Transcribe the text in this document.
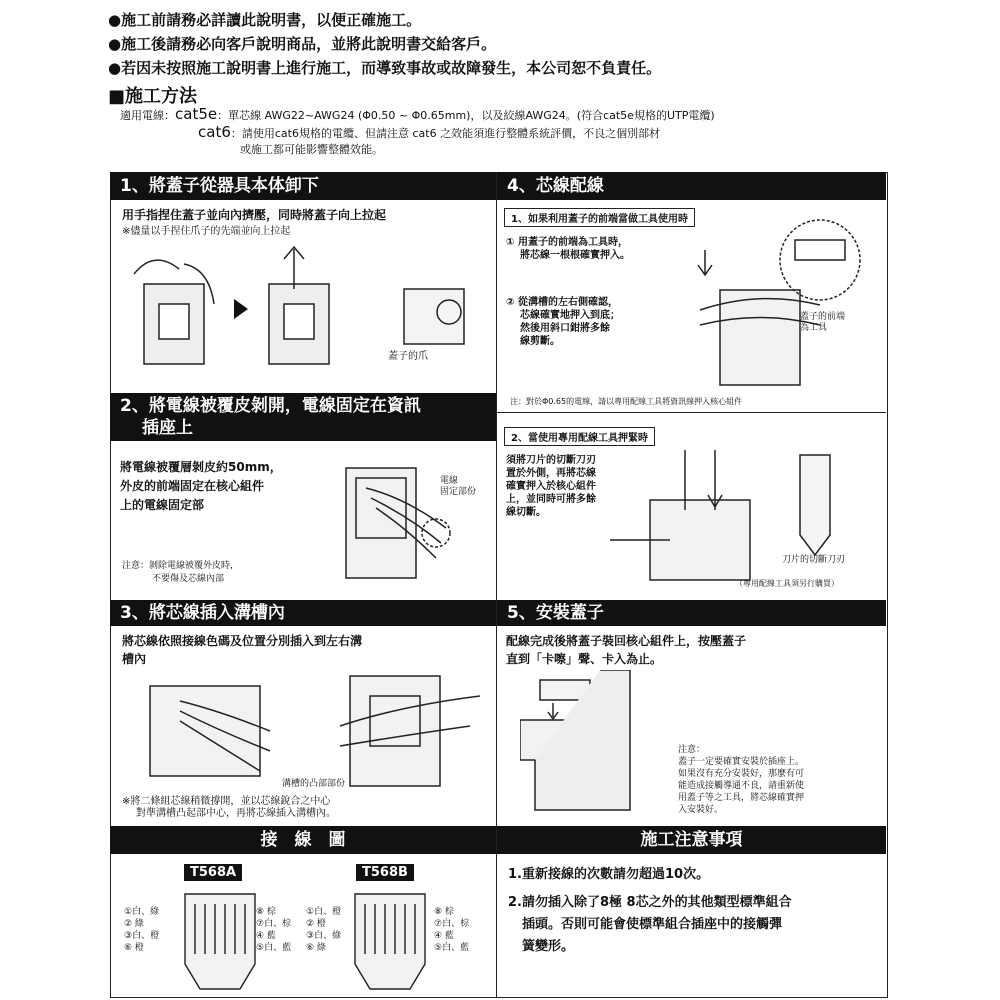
●施工前請務必詳讀此說明書，以便正確施工。
●施工後請務必向客戶說明商品，並將此說明書交給客戶。
●若因未按照施工說明書上進行施工，而導致事故或故障發生，本公司恕不負責任。
■施工方法
適用電線：cat5e：單芯線 AWG22~AWG24 (Φ0.50 ~ Φ0.65mm)，以及絞線AWG24。(符合cat5e規格的UTP電纜)
cat6：請使用cat6規格的電纜、但請注意 cat6 之效能須進行整體系統評價，不良之個別部材
或施工都可能影響整體效能。
1、將蓋子從器具本体卸下
用手指捏住蓋子並向內擠壓，同時將蓋子向上拉起
※儘量以手捏住爪子的先端並向上拉起
蓋子的爪
2、將電線被覆皮剝開，電線固定在資訊
插座上
將電線被覆層剝皮約50mm，
外皮的前端固定在核心組件
上的電線固定部
電線
固定部份
注意：剝除電線被覆外皮時，
不要傷及芯線內部
3、將芯線插入溝槽內
將芯線依照接線色碼及位置分別插入到左右溝
槽內
溝槽的凸部部份
※將二條組芯線稍微撐開，並以芯線銳合之中心
對準溝槽凸起部中心，再將芯線插入溝槽內。
4、芯線配線
1、如果利用蓋子的前端當做工具使用時
① 用蓋子的前端為工具時，
將芯線一根根確實押入。
② 從溝槽的左右側確認，
芯線確實地押入到底；
然後用斜口鉗將多餘
線剪斷。
蓋子的前端
為工具
注：對於Φ0.65的電線，請以專用配線工具將資訊線押入核心組件
2、當使用專用配線工具押緊時
須將刀片的切斷刀刃
置於外側，再將芯線
確實押入於核心組件
上，並同時可將多餘
線切斷。
刀片的切斷刀刃
（專用配線工具須另行購買）
5、安裝蓋子
配線完成後將蓋子裝回核心組件上，按壓蓋子
直到「卡嚓」聲、卡入為止。
注意：
蓋子一定要確實安裝於插座上。
如果沒有充分安裝好，那麼有可
能造成接觸導通不良，請重新使
用蓋子等之工具，將芯線確實押
入安裝好。
接　線　圖
T568A	T568B
①白、綠
② 綠
③白、橙
⑥ 橙
⑧ 棕
⑦白、棕
④ 藍
⑤白、藍
①白、橙
② 橙
③白、綠
⑥ 綠
⑧ 棕
⑦白、棕
④ 藍
⑤白、藍
施工注意事項
1.重新接線的次數請勿超過10次。
2.請勿插入除了8極 8芯之外的其他類型標準組合
插頭。否則可能會使標準組合插座中的接觸彈
簧變形。
